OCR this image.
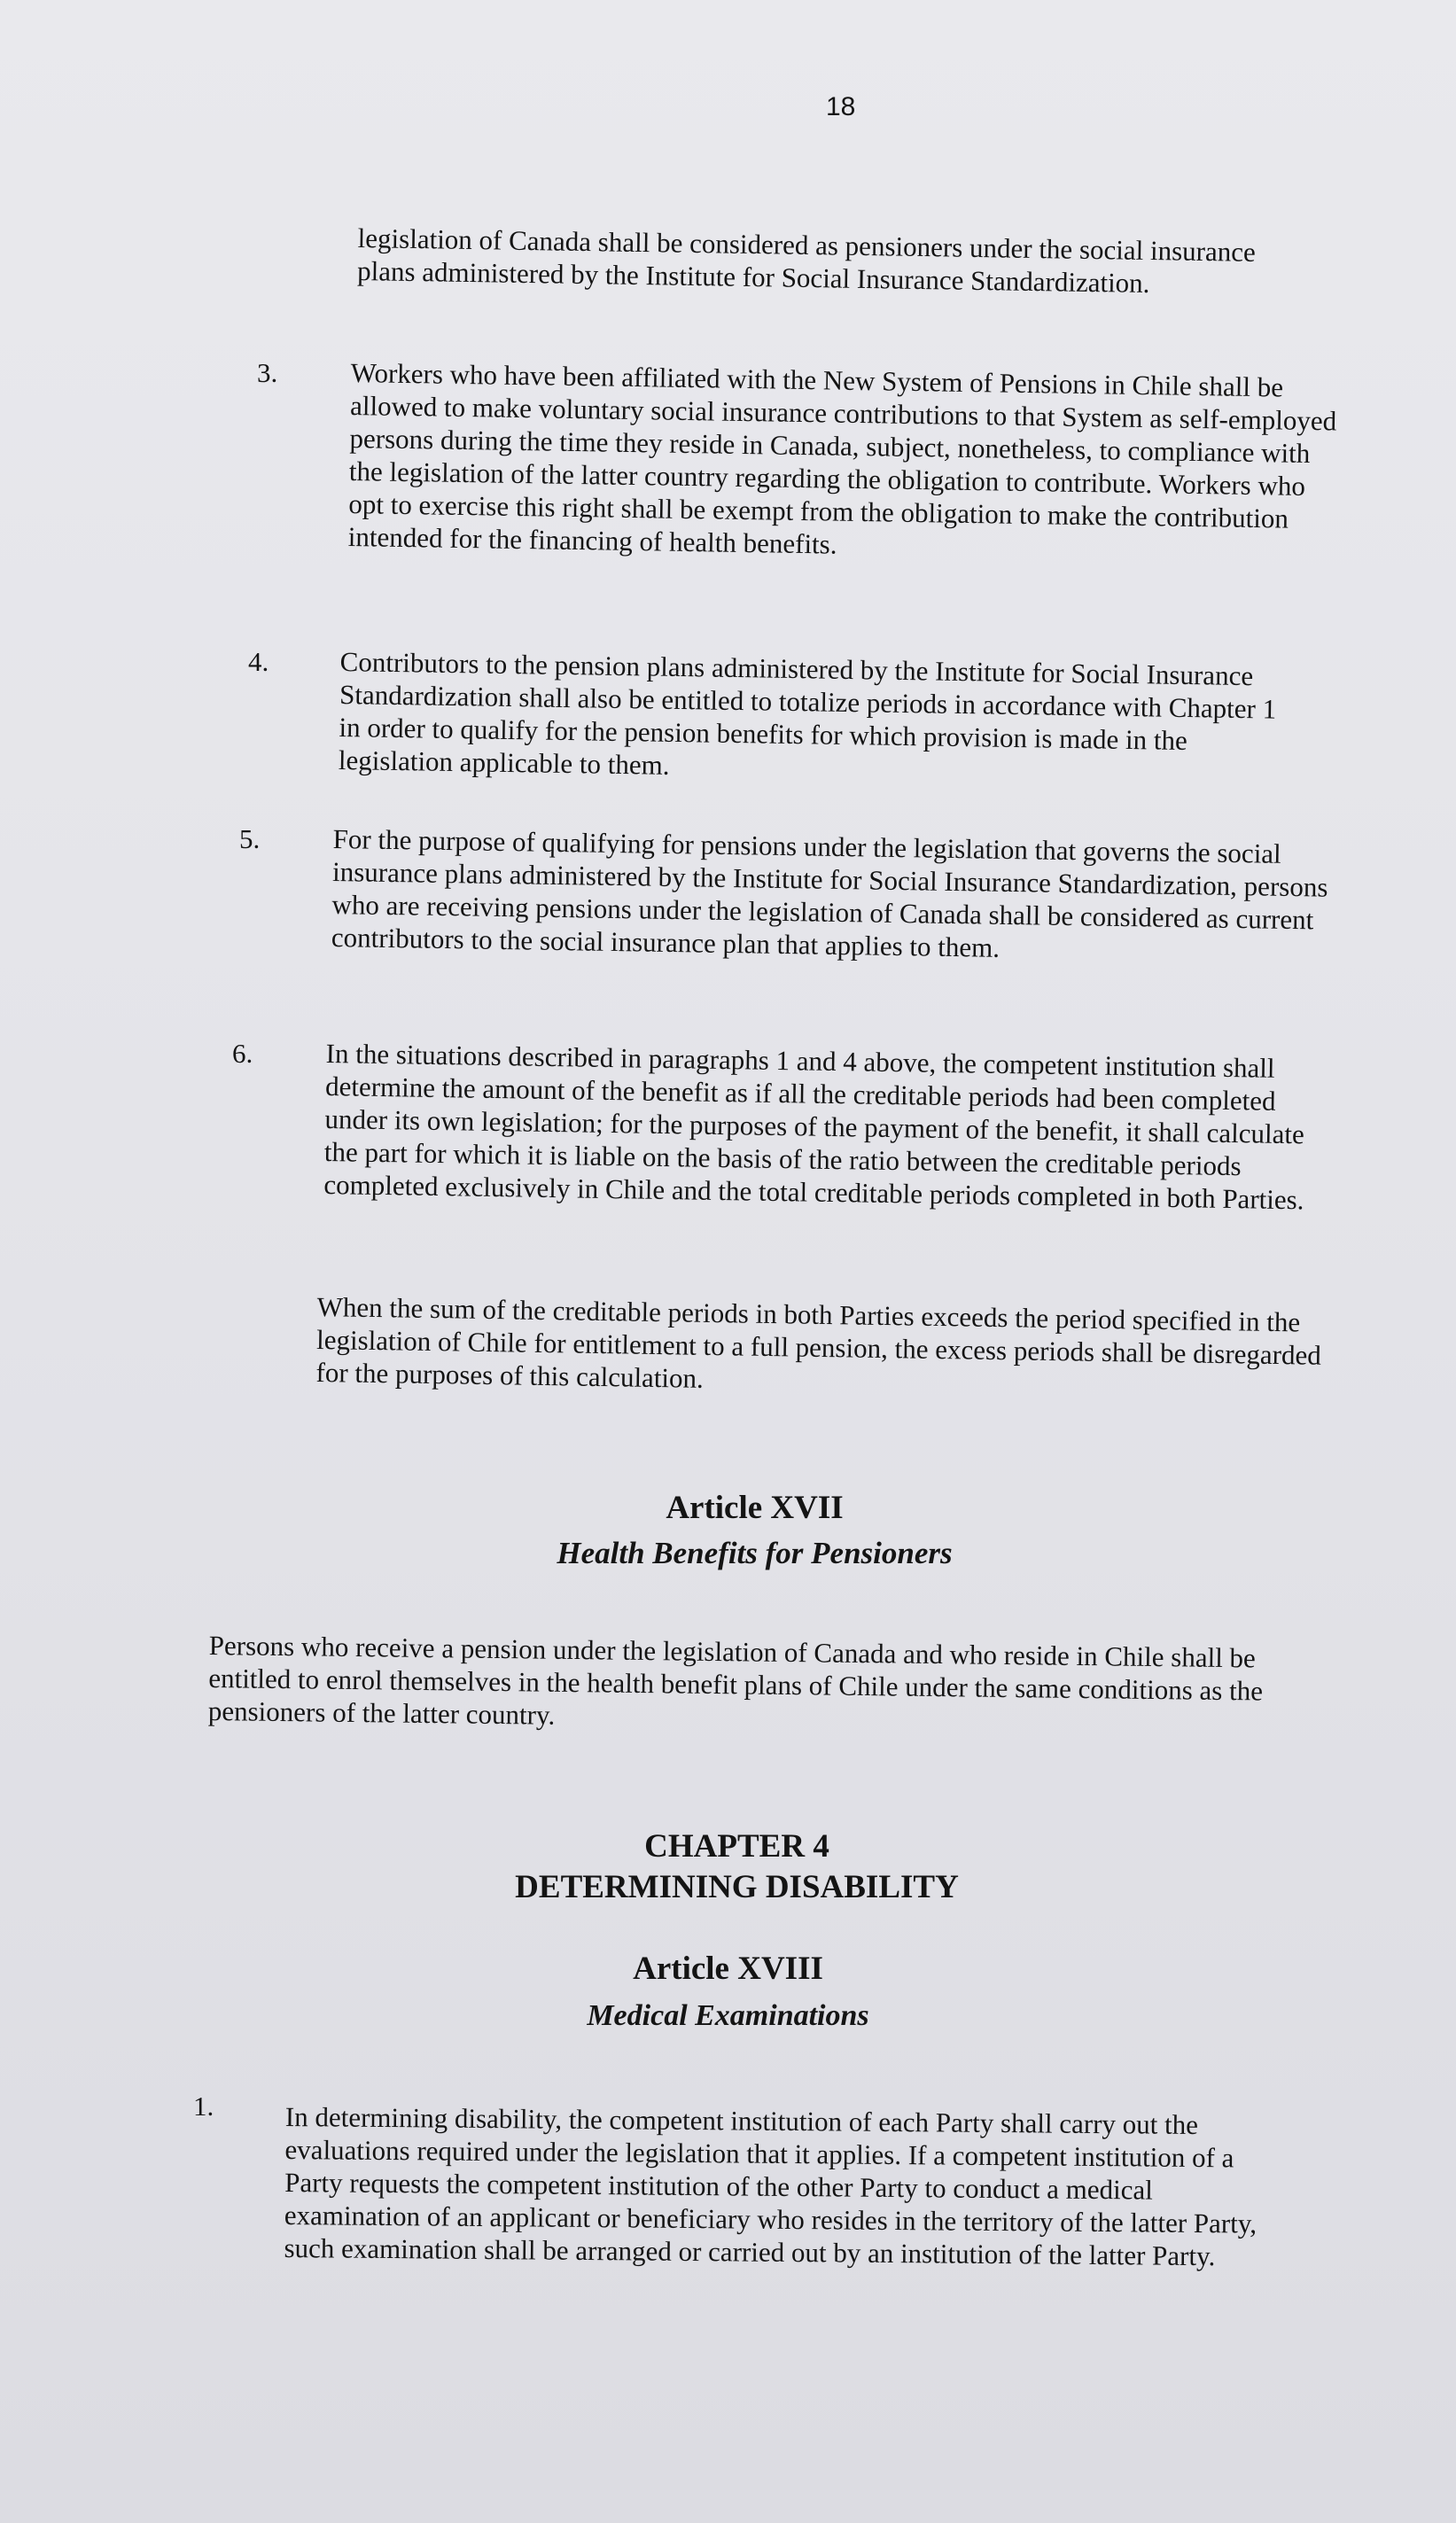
18
legislation of Canada shall be considered as pensioners under the social insurance plans administered by the Institute for Social Insurance Standardization.
3.	Workers who have been affiliated with the New System of Pensions in Chile shall be allowed to make voluntary social insurance contributions to that System as self-employed persons during the time they reside in Canada, subject, nonetheless, to compliance with the legislation of the latter country regarding the obligation to contribute. Workers who opt to exercise this right shall be exempt from the obligation to make the contribution intended for the financing of health benefits.
4.	Contributors to the pension plans administered by the Institute for Social Insurance Standardization shall also be entitled to totalize periods in accordance with Chapter 1 in order to qualify for the pension benefits for which provision is made in the legislation applicable to them.
5.	For the purpose of qualifying for pensions under the legislation that governs the social insurance plans administered by the Institute for Social Insurance Standardization, persons who are receiving pensions under the legislation of Canada shall be considered as current contributors to the social insurance plan that applies to them.
6.	In the situations described in paragraphs 1 and 4 above, the competent institution shall determine the amount of the benefit as if all the creditable periods had been completed under its own legislation; for the purposes of the payment of the benefit, it shall calculate the part for which it is liable on the basis of the ratio between the creditable periods completed exclusively in Chile and the total creditable periods completed in both Parties.
When the sum of the creditable periods in both Parties exceeds the period specified in the legislation of Chile for entitlement to a full pension, the excess periods shall be disregarded for the purposes of this calculation.
Article XVII
Health Benefits for Pensioners
Persons who receive a pension under the legislation of Canada and who reside in Chile shall be entitled to enrol themselves in the health benefit plans of Chile under the same conditions as the pensioners of the latter country.
CHAPTER 4
DETERMINING DISABILITY
Article XVIII
Medical Examinations
1.	In determining disability, the competent institution of each Party shall carry out the evaluations required under the legislation that it applies. If a competent institution of a Party requests the competent institution of the other Party to conduct a medical examination of an applicant or beneficiary who resides in the territory of the latter Party, such examination shall be arranged or carried out by an institution of the latter Party.
